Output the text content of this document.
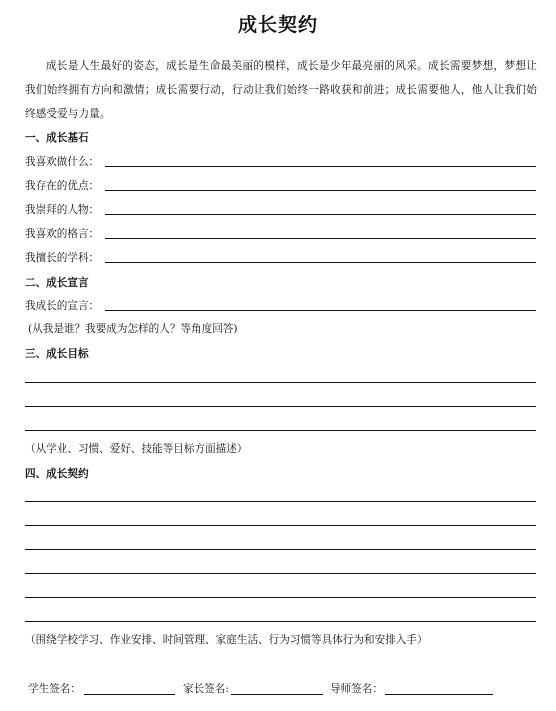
成长契约
成长是人生最好的姿态，成长是生命最美丽的模样，成长是少年最亮丽的风采。成长需要梦想，梦想让我们始终拥有方向和激情；成长需要行动，行动让我们始终一路收获和前进；成长需要他人，他人让我们始终感受爱与力量。
一、成长基石
我喜欢做什么：
我存在的优点：
我崇拜的人物：
我喜欢的格言：
我擅长的学科：
二、成长宣言
我成长的宣言：
(从我是谁？我要成为怎样的人？等角度回答)
三、成长目标
（从学业、习惯、爱好、技能等目标方面描述）
四、成长契约
（围绕学校学习、作业安排、时间管理、家庭生活、行为习惯等具体行为和安排入手）
学生签名：	家长签名:	导师签名：
